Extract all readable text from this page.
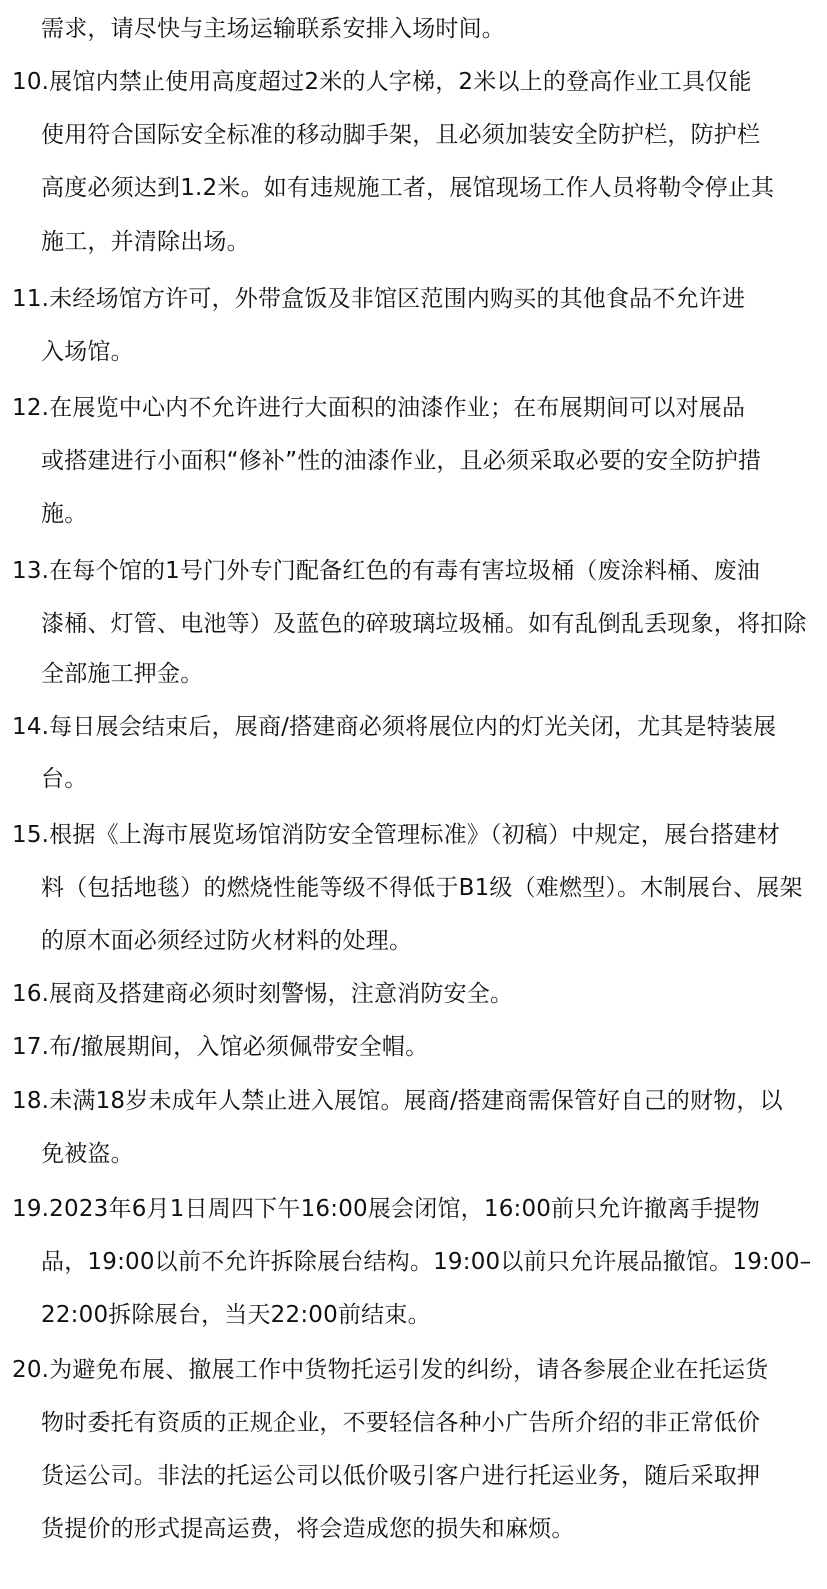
需求，请尽快与主场运输联系安排入场时间。
10.展馆内禁止使用高度超过2米的人字梯，2米以上的登高作业工具仅能
使用符合国际安全标准的移动脚手架，且必须加装安全防护栏，防护栏
高度必须达到1.2米。如有违规施工者，展馆现场工作人员将勒令停止其
施工，并清除出场。
11.未经场馆方许可，外带盒饭及非馆区范围内购买的其他食品不允许进
入场馆。
12.在展览中心内不允许进行大面积的油漆作业；在布展期间可以对展品
或搭建进行小面积“修补”性的油漆作业，且必须采取必要的安全防护措
施。
13.在每个馆的1号门外专门配备红色的有毒有害垃圾桶（废涂料桶、废油
漆桶、灯管、电池等）及蓝色的碎玻璃垃圾桶。如有乱倒乱丢现象，将扣除
全部施工押金。
14.每日展会结束后，展商/搭建商必须将展位内的灯光关闭，尤其是特装展
台。
15.根据《上海市展览场馆消防安全管理标准》（初稿）中规定，展台搭建材
料（包括地毯）的燃烧性能等级不得低于B1级（难燃型）。木制展台、展架
的原木面必须经过防火材料的处理。
16.展商及搭建商必须时刻警惕，注意消防安全。
17.布/撤展期间，入馆必须佩带安全帽。
18.未满18岁未成年人禁止进入展馆。展商/搭建商需保管好自己的财物，以
免被盗。
19.2023年6月1日周四下午16:00展会闭馆，16:00前只允许撤离手提物
品，19:00以前不允许拆除展台结构。19:00以前只允许展品撤馆。19:00–
22:00拆除展台，当天22:00前结束。
20.为避免布展、撤展工作中货物托运引发的纠纷，请各参展企业在托运货
物时委托有资质的正规企业，不要轻信各种小广告所介绍的非正常低价
货运公司。非法的托运公司以低价吸引客户进行托运业务，随后采取押
货提价的形式提高运费，将会造成您的损失和麻烦。
